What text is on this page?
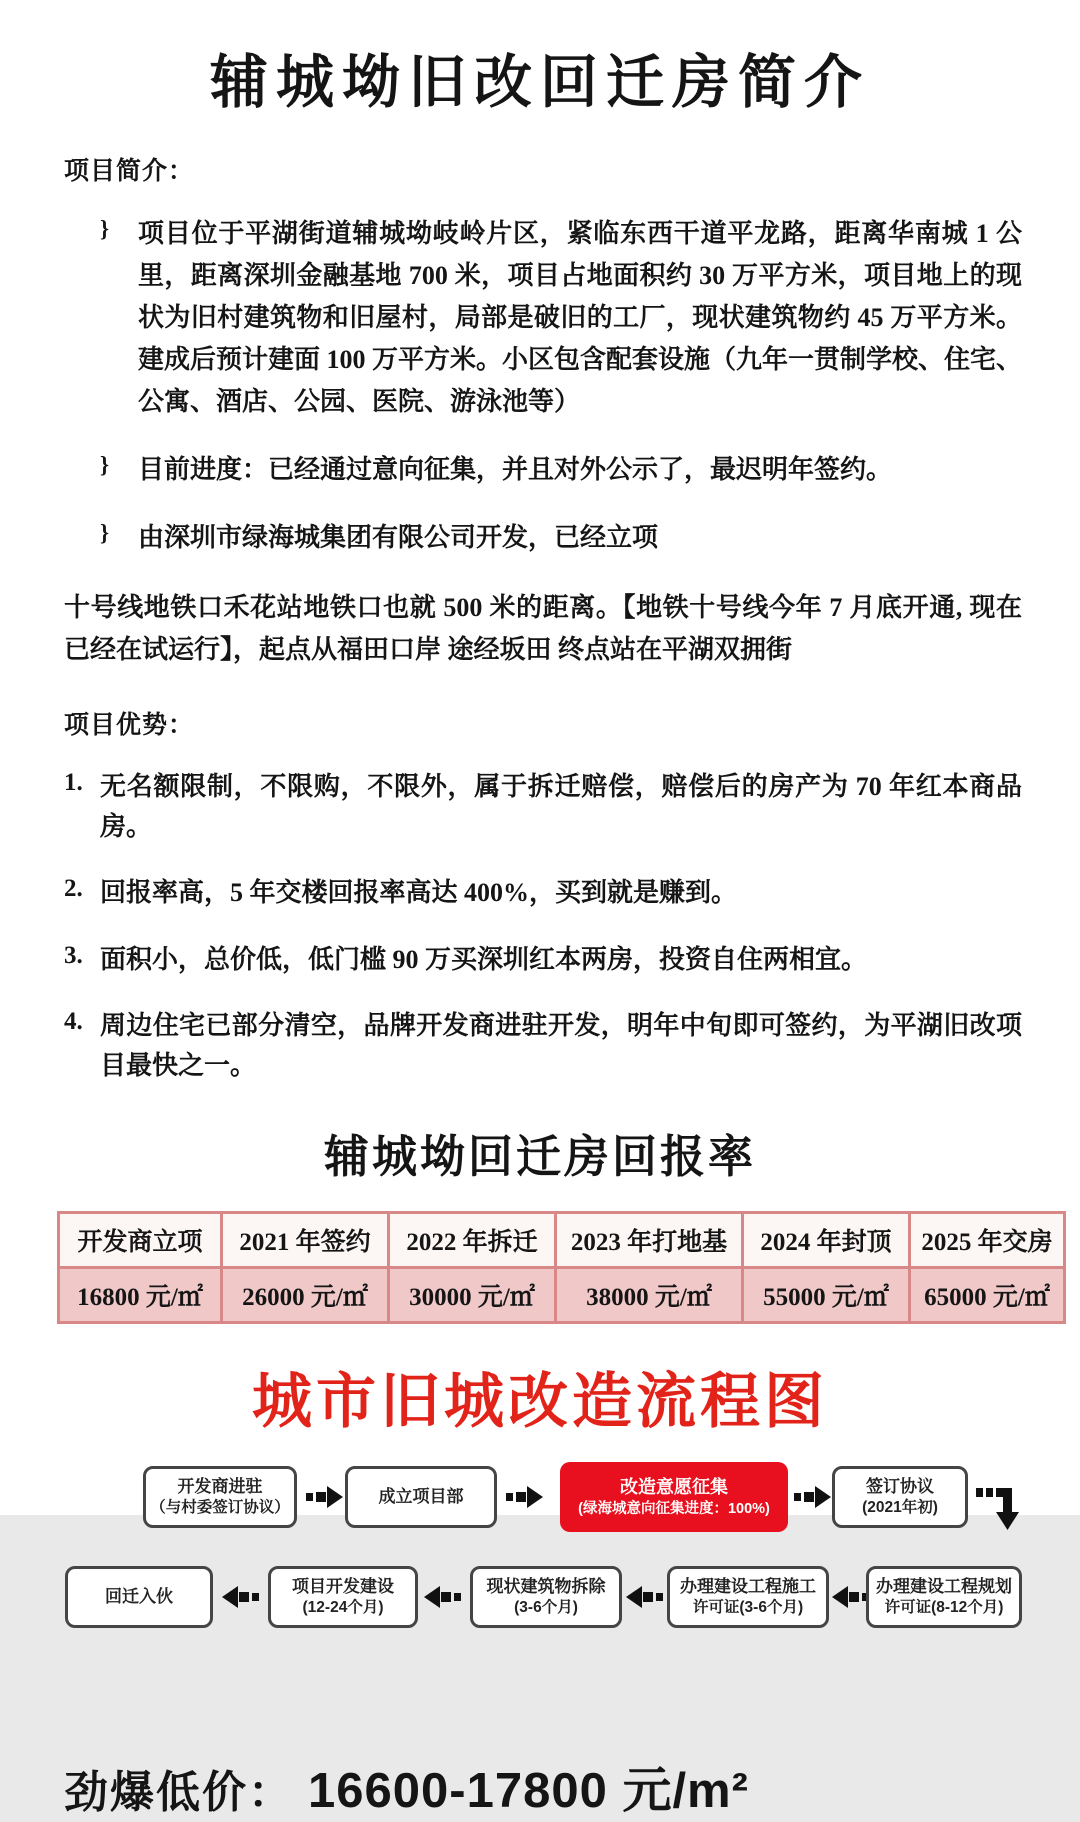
辅城坳旧改回迁房简介
项目简介：
}	项目位于平湖街道辅城坳岐岭片区，紧临东西干道平龙路，距离华南城 1 公里，距离深圳金融基地 700 米，项目占地面积约 30 万平方米，项目地上的现状为旧村建筑物和旧屋村，局部是破旧的工厂，现状建筑物约 45 万平方米。建成后预计建面 100 万平方米。小区包含配套设施（九年一贯制学校、住宅、公寓、酒店、公园、医院、游泳池等）

}	目前进度：已经通过意向征集，并且对外公示了，最迟明年签约。

}	由深圳市绿海城集团有限公司开发，已经立项

十号线地铁口禾花站地铁口也就 500 米的距离。【地铁十号线今年 7 月底开通, 现在已经在试运行】，起点从福田口岸 途经坂田 终点站在平湖双拥街

项目优势：
1. 无名额限制，不限购，不限外，属于拆迁赔偿，赔偿后的房产为 70 年红本商品房。

2. 回报率高，5 年交楼回报率高达 400%，买到就是赚到。

3. 面积小，总价低，低门槛 90 万买深圳红本两房，投资自住两相宜。

4. 周边住宅已部分清空，品牌开发商进驻开发，明年中旬即可签约，为平湖旧改项目最快之一。

辅城坳回迁房回报率
开发商立项	2021 年签约	2022 年拆迁	2023 年打地基	2024 年封顶	2025 年交房
16800 元/㎡	26000 元/㎡	30000 元/㎡	38000 元/㎡	55000 元/㎡	65000 元/㎡
城市旧城改造流程图
开发商进驻
（与村委签订协议）
成立项目部	改造意愿征集
(绿海城意向征集进度：100%)
签订协议
(2021年初)
回迁入伙
项目开发建设
(12-24个月)
现状建筑物拆除
(3-6个月)
办理建设工程施工
许可证(3-6个月)
办理建设工程规划
许可证(8-12个月)
劲爆低价： 16600-17800 元/m²
